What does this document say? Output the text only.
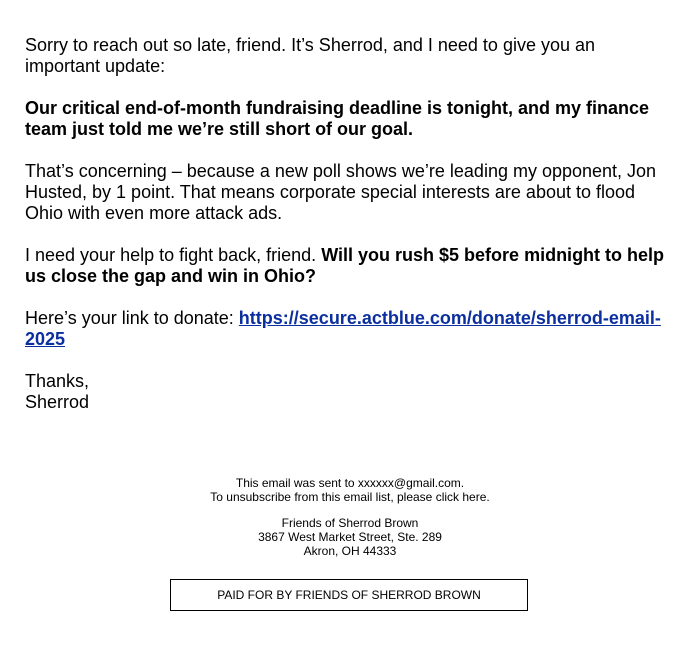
Sorry to reach out so late, friend. It’s Sherrod, and I need to give you an important update:

Our critical end-of-month fundraising deadline is tonight, and my finance team just told me we’re still short of our goal.

That’s concerning – because a new poll shows we’re leading my opponent, Jon Husted, by 1 point. That means corporate special interests are about to flood Ohio with even more attack ads.

I need your help to fight back, friend. Will you rush $5 before midnight to help us close the gap and win in Ohio?

Here’s your link to donate: https://secure.actblue.com/donate/sherrod-email-2025

Thanks,
Sherrod

This email was sent to xxxxxx@gmail.com.

To unsubscribe from this email list, please click here.

Friends of Sherrod Brown

3867 West Market Street, Ste. 289

Akron, OH 44333

PAID FOR BY FRIENDS OF SHERROD BROWN
